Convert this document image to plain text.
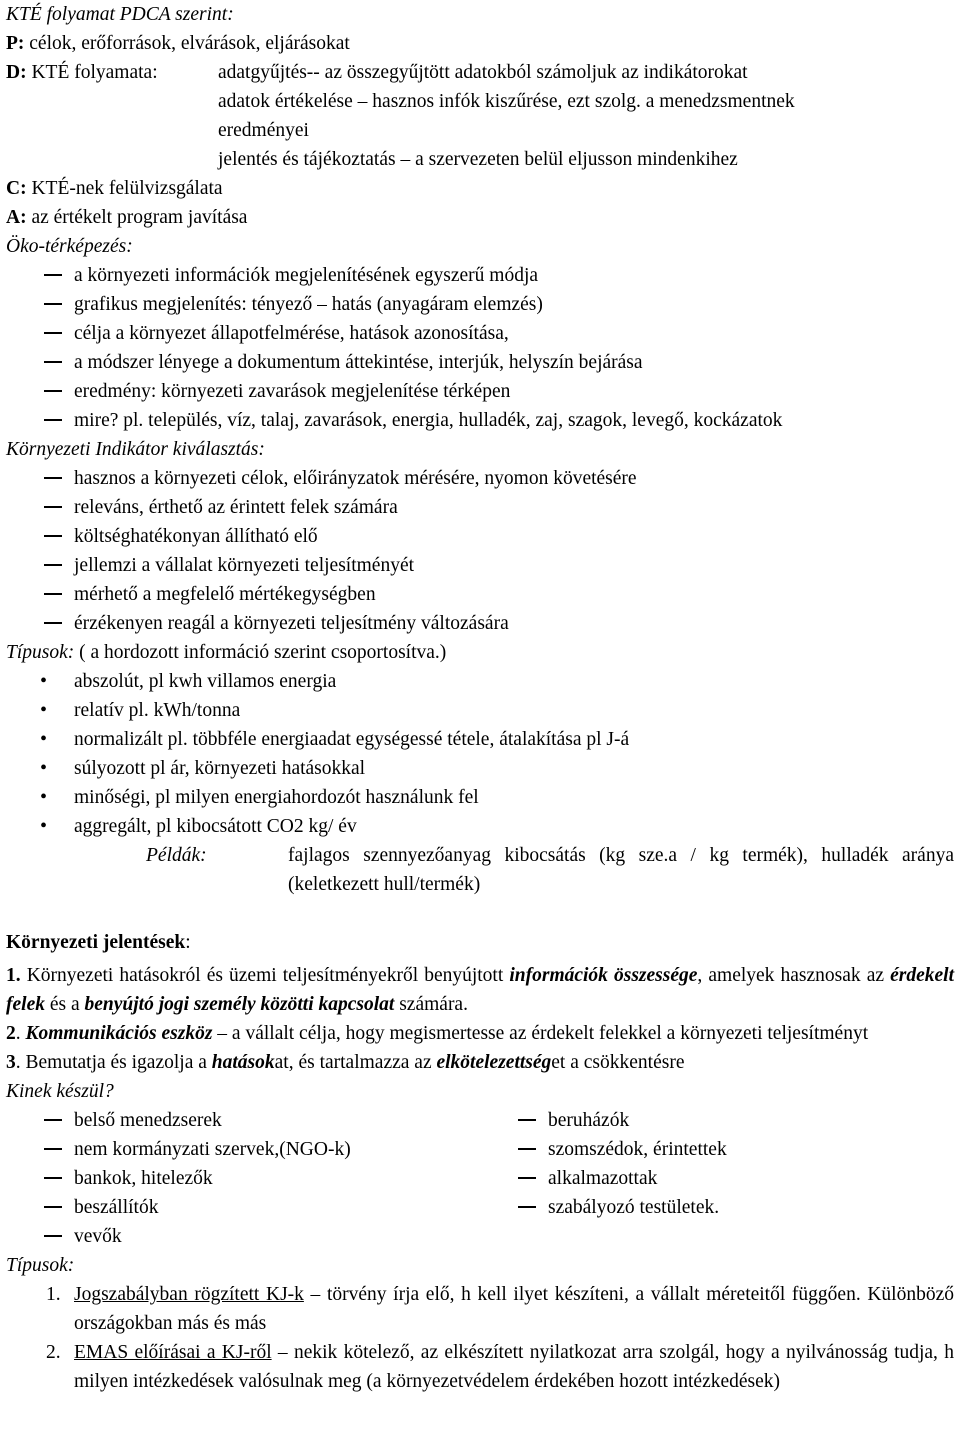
KTÉ folyamat PDCA szerint:
P: célok, erőforrások, elvárások, eljárásokat
D: KTÉ folyamata:	adatgyűjtés-- az összegyűjtött adatokból számoljuk az indikátorokat
adatok értékelése – hasznos infók kiszűrése, ezt szolg. a menedzsmentnek
eredményei
jelentés és tájékoztatás – a szervezeten belül eljusson mindenkihez
C: KTÉ-nek felülvizsgálata
A: az értékelt program javítása
Öko-térképezés:
a környezeti információk megjelenítésének egyszerű módja
grafikus megjelenítés: tényező – hatás (anyagáram elemzés)
célja a környezet állapotfelmérése, hatások azonosítása,
a módszer lényege a dokumentum áttekintése, interjúk, helyszín bejárása
eredmény: környezeti zavarások megjelenítése térképen
mire? pl. település, víz, talaj, zavarások, energia, hulladék, zaj, szagok, levegő, kockázatok
Környezeti Indikátor kiválasztás:
hasznos a környezeti célok, előirányzatok mérésére, nyomon követésére
releváns, érthető az érintett felek számára
költséghatékonyan állítható elő
jellemzi a vállalat környezeti teljesítményét
mérhető a megfelelő mértékegységben
érzékenyen reagál a környezeti teljesítmény változására
Típusok: ( a hordozott információ szerint csoportosítva.)
• abszolút, pl kwh villamos energia
• relatív pl. kWh/tonna
• normalizált pl. többféle energiaadat egységessé tétele, átalakítása pl J-á
• súlyozott pl ár, környezeti hatásokkal
• minőségi, pl milyen energiahordozót használunk fel
• aggregált, pl kibocsátott CO2 kg/ év
Példák:	fajlagos szennyezőanyag kibocsátás (kg sze.a / kg termék), hulladék aránya (keletkezett hull/termék)
Környezeti jelentések:
1. Környezeti hatásokról és üzemi teljesítményekről benyújtott információk összessége, amelyek hasznosak az érdekelt felek és a benyújtó jogi személy közötti kapcsolat számára.
2. Kommunikációs eszköz – a vállalt célja, hogy megismertesse az érdekelt felekkel a környezeti teljesítményt
3. Bemutatja és igazolja a hatásokat, és tartalmazza az elkötelezettséget a csökkentésre
Kinek készül?
belső menedzserek
nem kormányzati szervek,(NGO-k)
bankok, hitelezők
beszállítók
vevők
beruházók
szomszédok, érintettek
alkalmazottak
szabályozó testületek.
Típusok:
1. Jogszabályban rögzített KJ-k – törvény írja elő, h kell ilyet készíteni, a vállalt méreteitől függően. Különböző országokban más és más
2. EMAS előírásai a KJ-ről – nekik kötelező, az elkészített nyilatkozat arra szolgál, hogy a nyilvánosság tudja, h milyen intézkedések valósulnak meg (a környezetvédelem érdekében hozott intézkedések)
